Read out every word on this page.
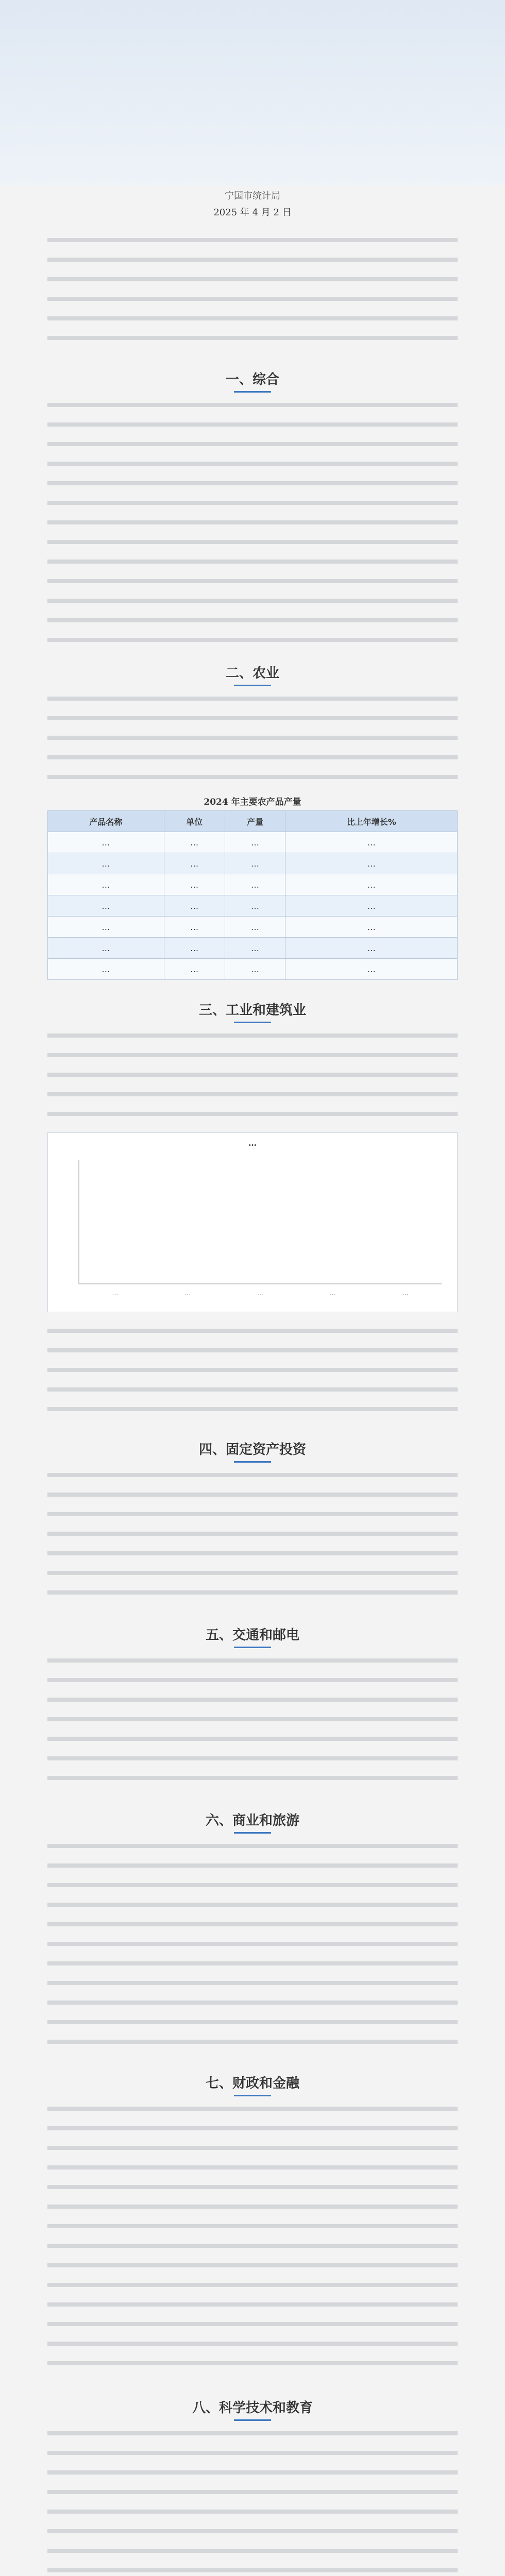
宁国市统计局
2025 年 4 月 2 日
一、综合
二、农业
2024 年主要农产品产量
产品名称	单位	产量	比上年增长%
…	…	…	…
…	…	…	…
…	…	…	…
…	…	…	…
…	…	…	…
…	…	…	…
…	…	…	…
三、工业和建筑业
…
…	…	…	…	…
四、固定资产投资
五、交通和邮电
六、商业和旅游
七、财政和金融
八、科学技术和教育
